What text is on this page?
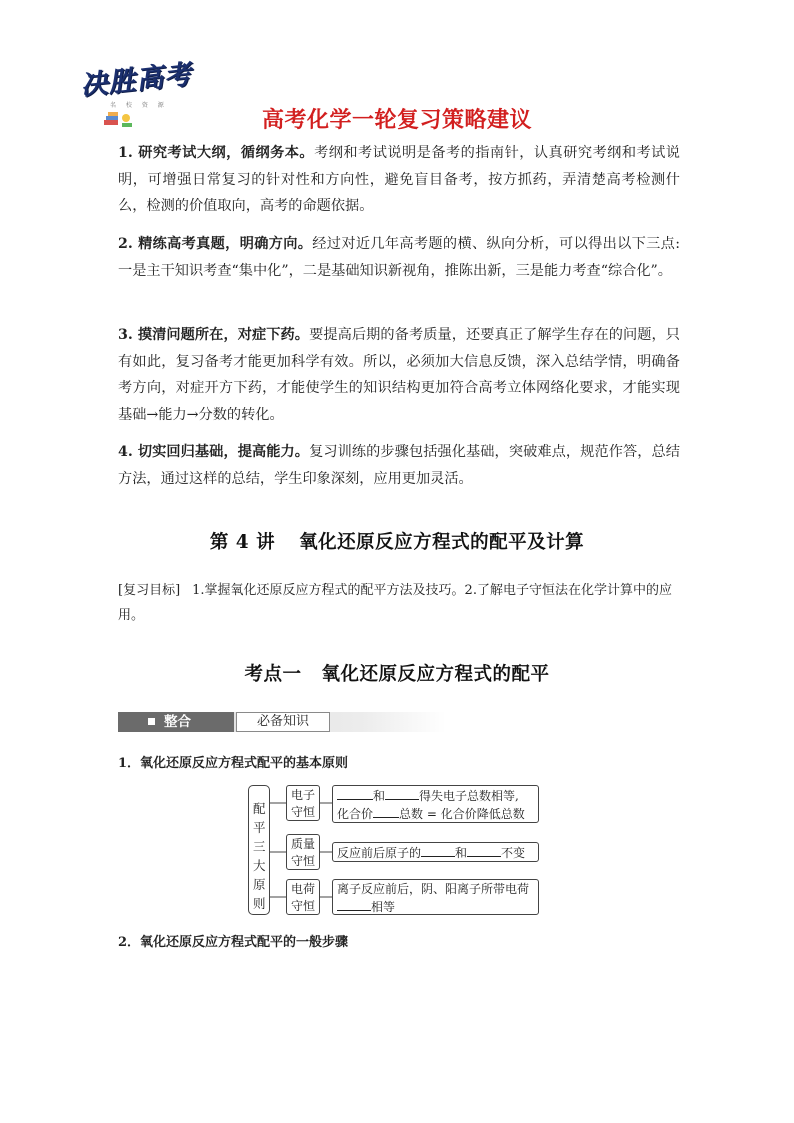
决胜高考
名 校 资 源
高考化学一轮复习策略建议
1. 研究考试大纲，循纲务本。考纲和考试说明是备考的指南针，认真研究考纲和考试说明，可增强日常复习的针对性和方向性，避免盲目备考，按方抓药，弄清楚高考检测什么，检测的价值取向，高考的命题依据。
2. 精练高考真题，明确方向。经过对近几年高考题的横、纵向分析，可以得出以下三点:一是主干知识考查“集中化”，二是基础知识新视角，推陈出新，三是能力考查“综合化”。
3. 摸清问题所在，对症下药。要提高后期的备考质量，还要真正了解学生存在的问题，只有如此，复习备考才能更加科学有效。所以，必须加大信息反馈，深入总结学情，明确备考方向，对症开方下药，才能使学生的知识结构更加符合高考立体网络化要求，才能实现基础→能力→分数的转化。
4. 切实回归基础，提高能力。复习训练的步骤包括强化基础，突破难点，规范作答，总结方法，通过这样的总结，学生印象深刻，应用更加灵活。
第 4 讲 氧化还原反应方程式的配平及计算
[复习目标] 1.掌握氧化还原反应方程式的配平方法及技巧。2.了解电子守恒法在化学计算中的应用。
考点一 氧化还原反应方程式的配平
整合	必备知识
1．氧化还原反应方程式配平的基本原则
2．氧化还原反应方程式配平的一般步骤
配平三大原则
电子守恒
质量守恒
电荷守恒
和	得失电子总数相等,
化合价 总数 = 化合价降低总数
反应前后原子的	和	不变
离子反应前后，阴、阳离子所带电荷
相等
